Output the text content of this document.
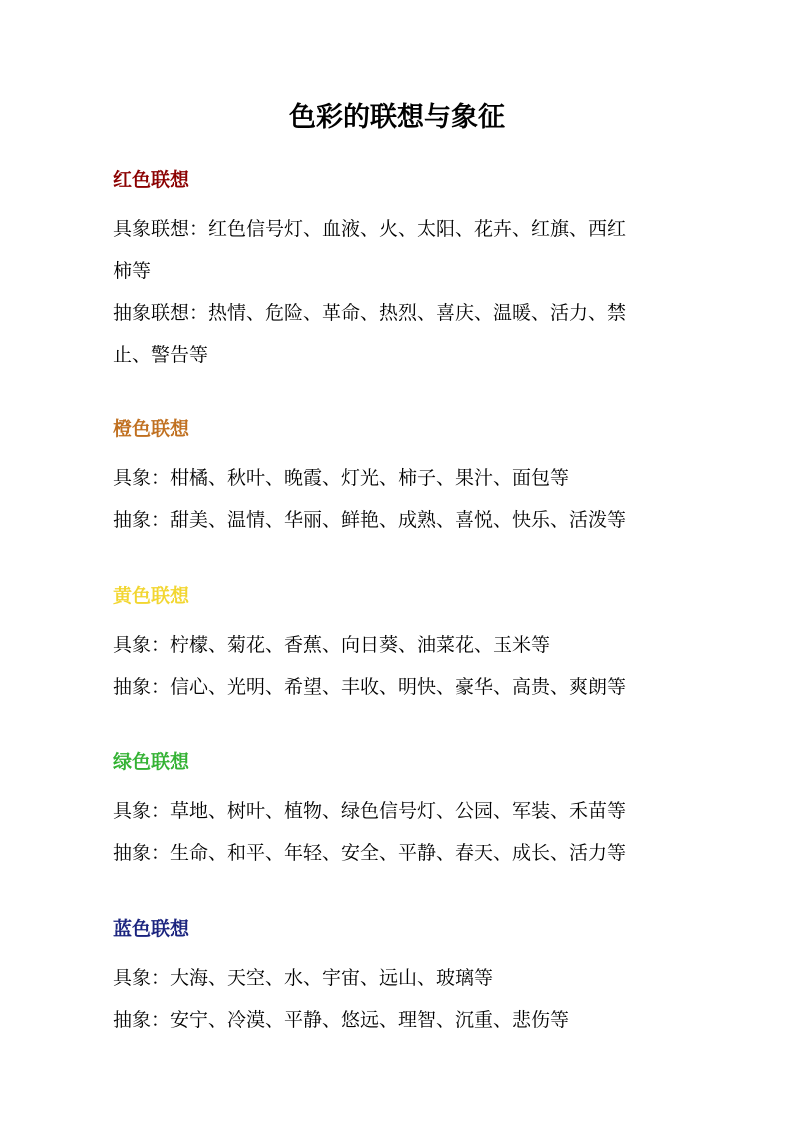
色彩的联想与象征
红色联想
具象联想：红色信号灯、血液、火、太阳、花卉、红旗、西红
柿等
抽象联想：热情、危险、革命、热烈、喜庆、温暖、活力、禁
止、警告等
橙色联想
具象：柑橘、秋叶、晚霞、灯光、柿子、果汁、面包等
抽象：甜美、温情、华丽、鲜艳、成熟、喜悦、快乐、活泼等
黄色联想
具象：柠檬、菊花、香蕉、向日葵、油菜花、玉米等
抽象：信心、光明、希望、丰收、明快、豪华、高贵、爽朗等
绿色联想
具象：草地、树叶、植物、绿色信号灯、公园、军装、禾苗等
抽象：生命、和平、年轻、安全、平静、春天、成长、活力等
蓝色联想
具象：大海、天空、水、宇宙、远山、玻璃等
抽象：安宁、冷漠、平静、悠远、理智、沉重、悲伤等
